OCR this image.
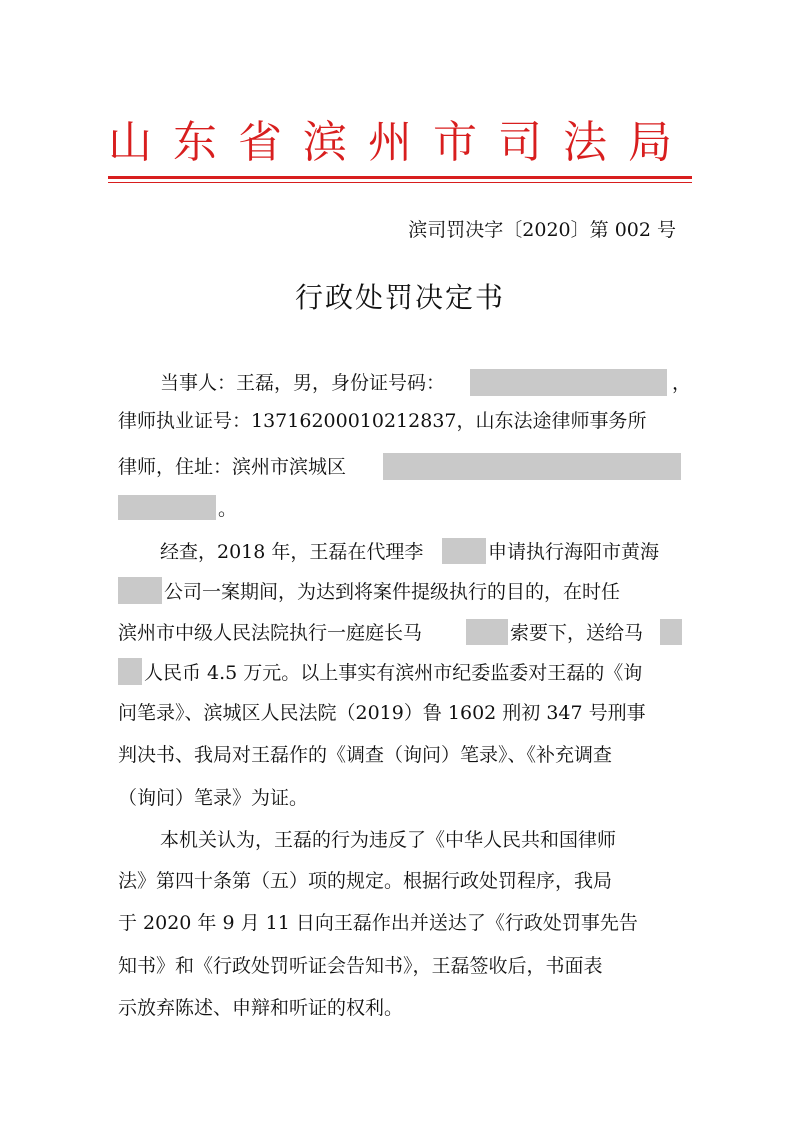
山东省滨州市司法局
滨司罚决字〔2020〕第 002 号
行政处罚决定书
当事人：王磊，男，身份证号码：	，
律师执业证号：13716200010212837，山东法途律师事务所
律师，住址：滨州市滨城区
。
经查，2018 年，王磊在代理李	申请执行海阳市黄海
公司一案期间，为达到将案件提级执行的目的，在时任
滨州市中级人民法院执行一庭庭长马	索要下，送给马
人民币 4.5 万元。以上事实有滨州市纪委监委对王磊的《询
问笔录》、滨城区人民法院（2019）鲁 1602 刑初 347 号刑事
判决书、我局对王磊作的《调查（询问）笔录》、《补充调查
（询问）笔录》为证。
本机关认为，王磊的行为违反了《中华人民共和国律师
法》第四十条第（五）项的规定。根据行政处罚程序，我局
于 2020 年 9 月 11 日向王磊作出并送达了《行政处罚事先告
知书》和《行政处罚听证会告知书》，王磊签收后，书面表
示放弃陈述、申辩和听证的权利。
